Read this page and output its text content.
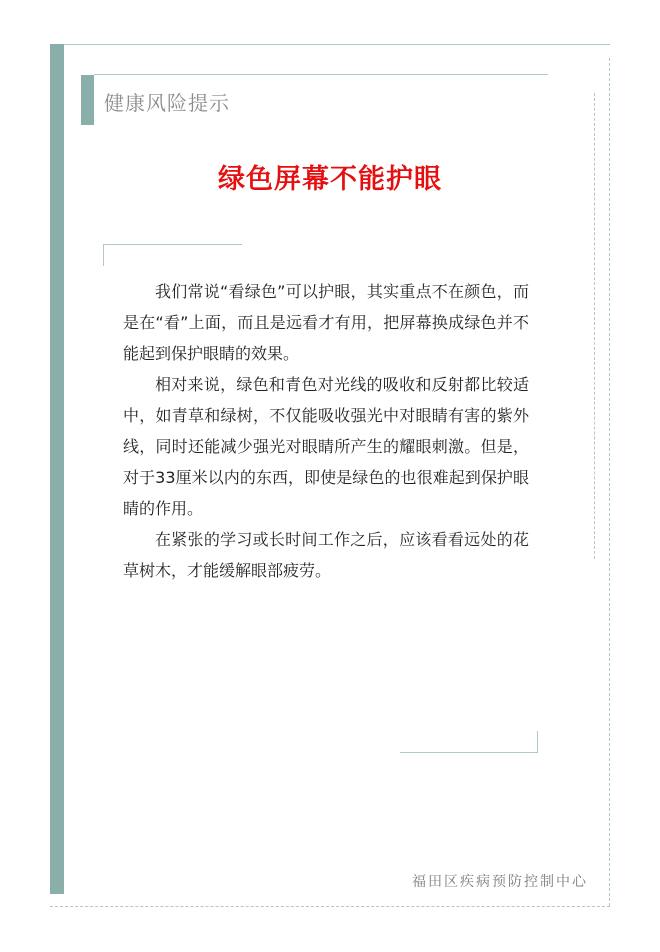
健康风险提示
绿色屏幕不能护眼

我们常说“看绿色”可以护眼，其实重点不在颜色，而是在“看”上面，而且是远看才有用，把屏幕换成绿色并不能起到保护眼睛的效果。

相对来说，绿色和青色对光线的吸收和反射都比较适中，如青草和绿树，不仅能吸收强光中对眼睛有害的紫外线，同时还能减少强光对眼睛所产生的耀眼刺激。但是，对于33厘米以内的东西，即使是绿色的也很难起到保护眼睛的作用。

在紧张的学习或长时间工作之后，应该看看远处的花草树木，才能缓解眼部疲劳。

福田区疾病预防控制中心
